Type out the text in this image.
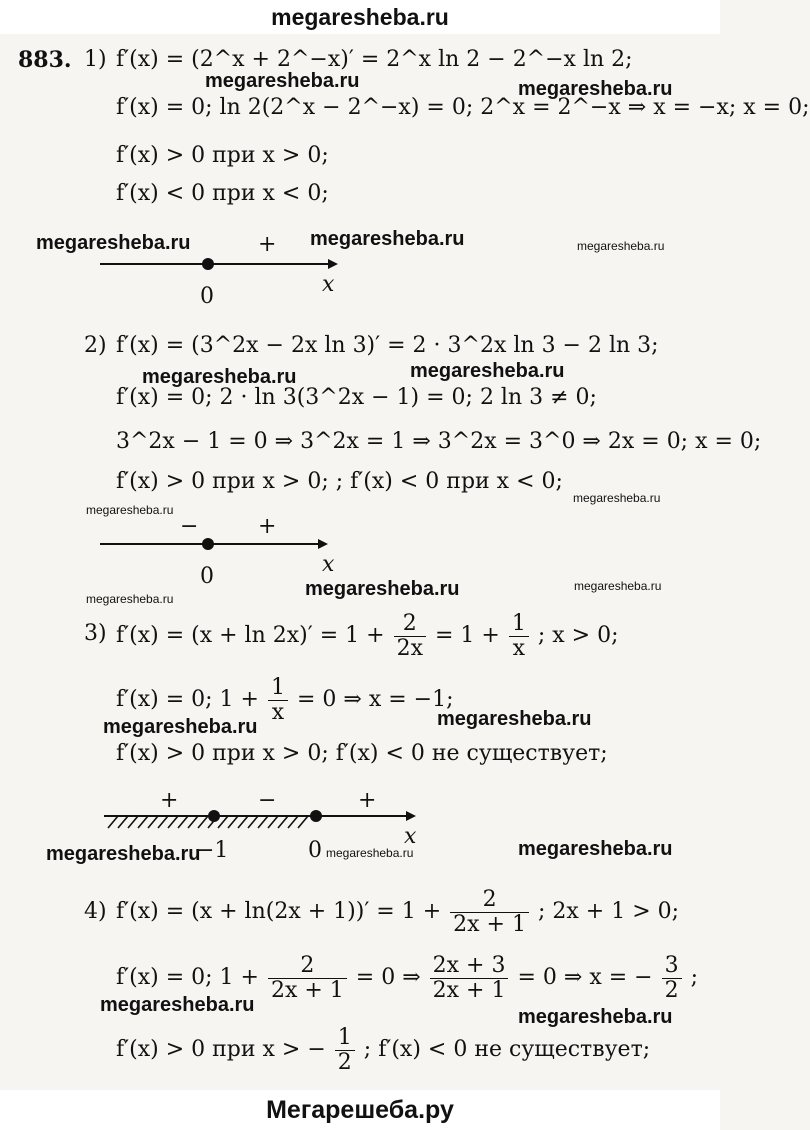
megaresheba.ru
megaresheba.ru	megaresheba.ru
megaresheba.ru	megaresheba.ru	megaresheba.ru
megaresheba.ru	megaresheba.ru
megaresheba.ru
megaresheba.ru
megaresheba.ru	megaresheba.ru
megaresheba.ru
megaresheba.ru	megaresheba.ru
megaresheba.ru	megaresheba.ru	megaresheba.ru
megaresheba.ru
megaresheba.ru
883. 1) f′(x) = (2^x + 2^−x)′ = 2^x ln 2 − 2^−x ln 2;
f′(x) = 0; ln 2(2^x − 2^−x) = 0; 2^x = 2^−x ⇒ x = −x; x = 0;
f′(x) > 0 при x > 0;
f′(x) < 0 при x < 0;
+
0	x
2) f′(x) = (3^2x − 2x ln 3)′ = 2 · 3^2x ln 3 − 2 ln 3;
f′(x) = 0; 2 · ln 3(3^2x − 1) = 0; 2 ln 3 ≠ 0;
3^2x − 1 = 0 ⇒ 3^2x = 1 ⇒ 3^2x = 3^0 ⇒ 2x = 0; x = 0;
f′(x) > 0 при x > 0; ; f′(x) < 0 при x < 0;
−	+
0	x
3) $f'(x) = (x + \ln 2x)' = 1 + \frac{2}{2x} = 1 + \frac{1}{x}$ ; x > 0;
f′(x) = 0; $1 + \frac{1}{x} = 0$ ⇒ x = −1;
f′(x) > 0 при x > 0; f′(x) < 0 не существует;
+	−	+
−1	0
x
4) $f'(x) = (x + \ln(2x + 1))' = 1 + \frac{2}{2x + 1}$ ; 2x + 1 > 0;
f′(x) = 0; $1 + \frac{2}{2x + 1} = 0$ ⇒ $\frac{2x + 3}{2x + 1} = 0$ ⇒ x = − $\frac{3}{2}$ ;
f′(x) > 0 при x > − $\frac{1}{2}$ ; f′(x) < 0 не существует;
Мегарешеба.ру
